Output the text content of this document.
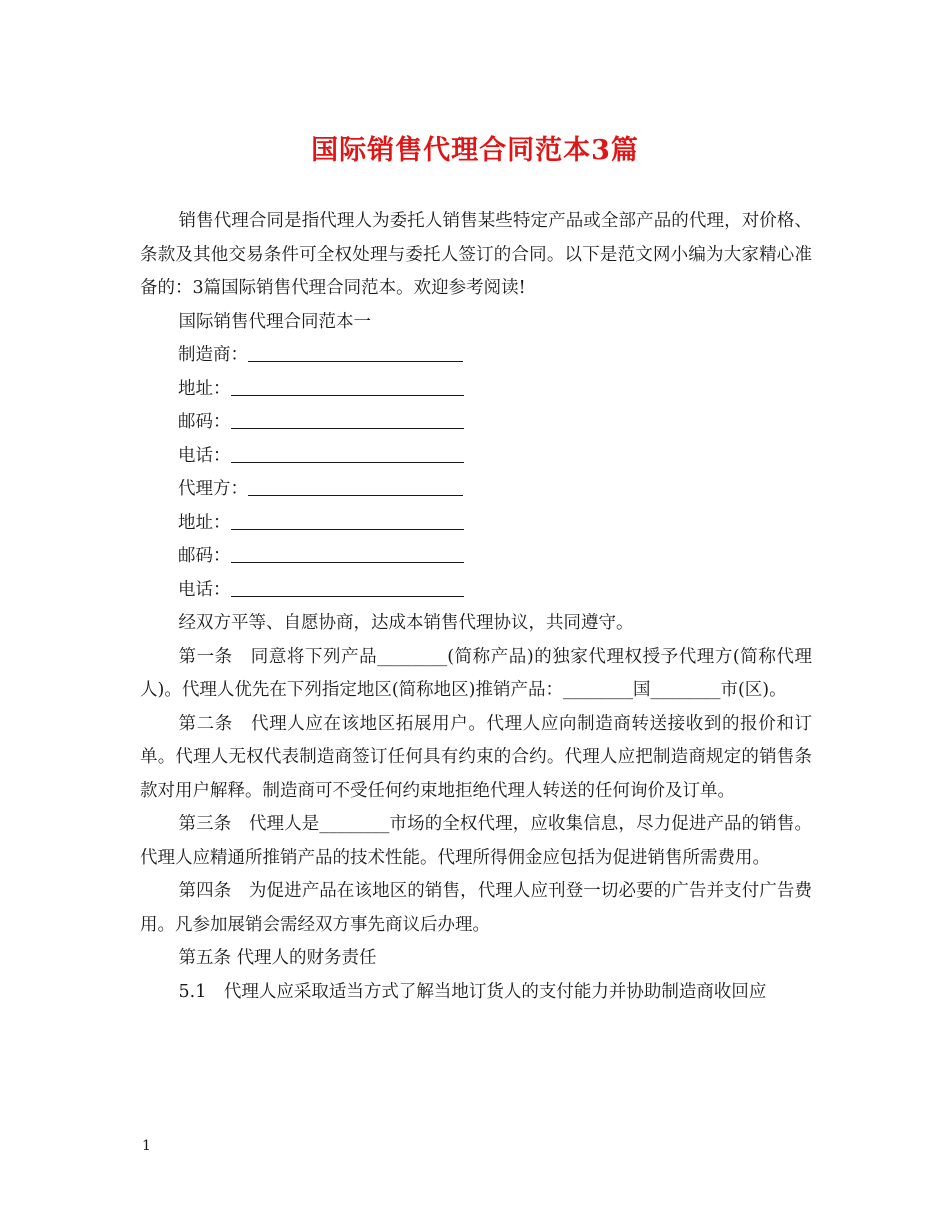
国际销售代理合同范本3篇

销售代理合同是指代理人为委托人销售某些特定产品或全部产品的代理，对价格、条款及其他交易条件可全权处理与委托人签订的合同。以下是范文网小编为大家精心准备的：3篇国际销售代理合同范本。欢迎参考阅读!

国际销售代理合同范本一

制造商：

地址：

邮码：

电话：

代理方：

地址：

邮码：

电话：

经双方平等、自愿协商，达成本销售代理协议，共同遵守。

第一条　同意将下列产品________(简称产品)的独家代理权授予代理方(简称代理人)。代理人优先在下列指定地区(简称地区)推销产品：________国________市(区)。

第二条　代理人应在该地区拓展用户。代理人应向制造商转送接收到的报价和订单。代理人无权代表制造商签订任何具有约束的合约。代理人应把制造商规定的销售条款对用户解释。制造商可不受任何约束地拒绝代理人转送的任何询价及订单。

第三条　代理人是________市场的全权代理，应收集信息，尽力促进产品的销售。代理人应精通所推销产品的技术性能。代理所得佣金应包括为促进销售所需费用。

第四条　为促进产品在该地区的销售，代理人应刊登一切必要的广告并支付广告费用。凡参加展销会需经双方事先商议后办理。

第五条 代理人的财务责任

5.1　代理人应采取适当方式了解当地订货人的支付能力并协助制造商收回应

1
